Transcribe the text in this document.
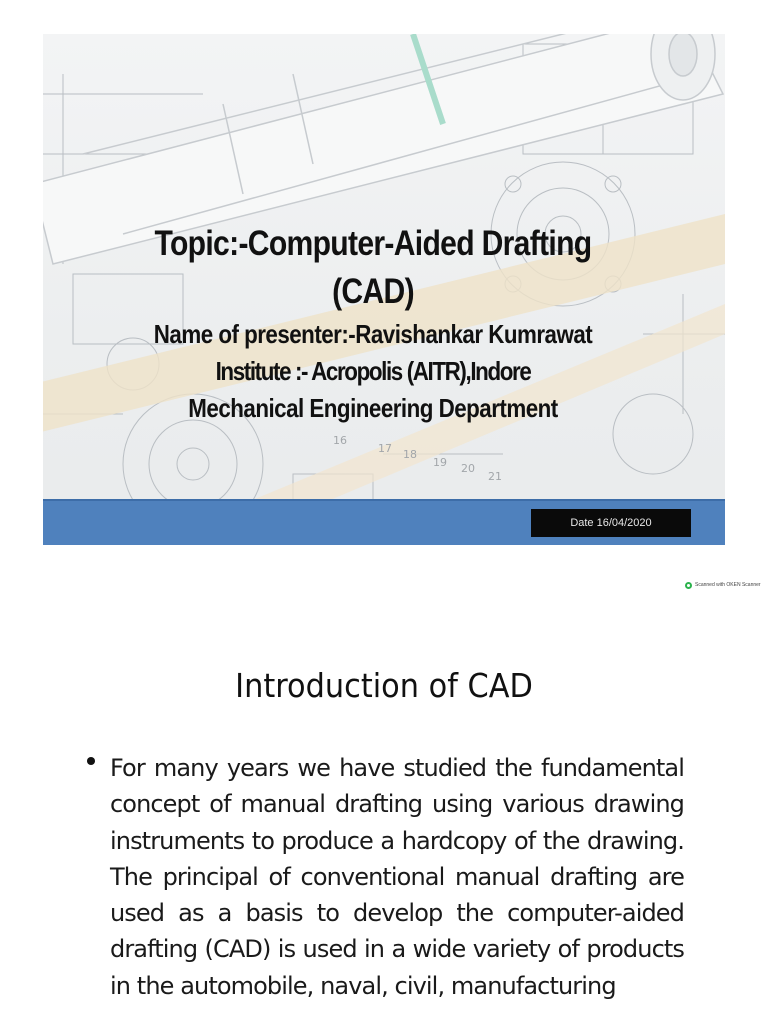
16
17 18
19 20
21
Topic:-Computer-Aided Drafting
(CAD)
Name of presenter:-Ravishankar Kumrawat
Institute :- Acropolis (AITR),Indore
Mechanical Engineering Department
Date 16/04/2020
Scanned with OKEN Scanner
Introduction of CAD
For many years we have studied the fundamental concept of manual drafting using various drawing instruments to produce a hardcopy of the drawing. The principal of conventional manual drafting are used as a basis to develop the computer-aided drafting (CAD) is used in a wide variety of products in the automobile, naval, civil, manufacturing
